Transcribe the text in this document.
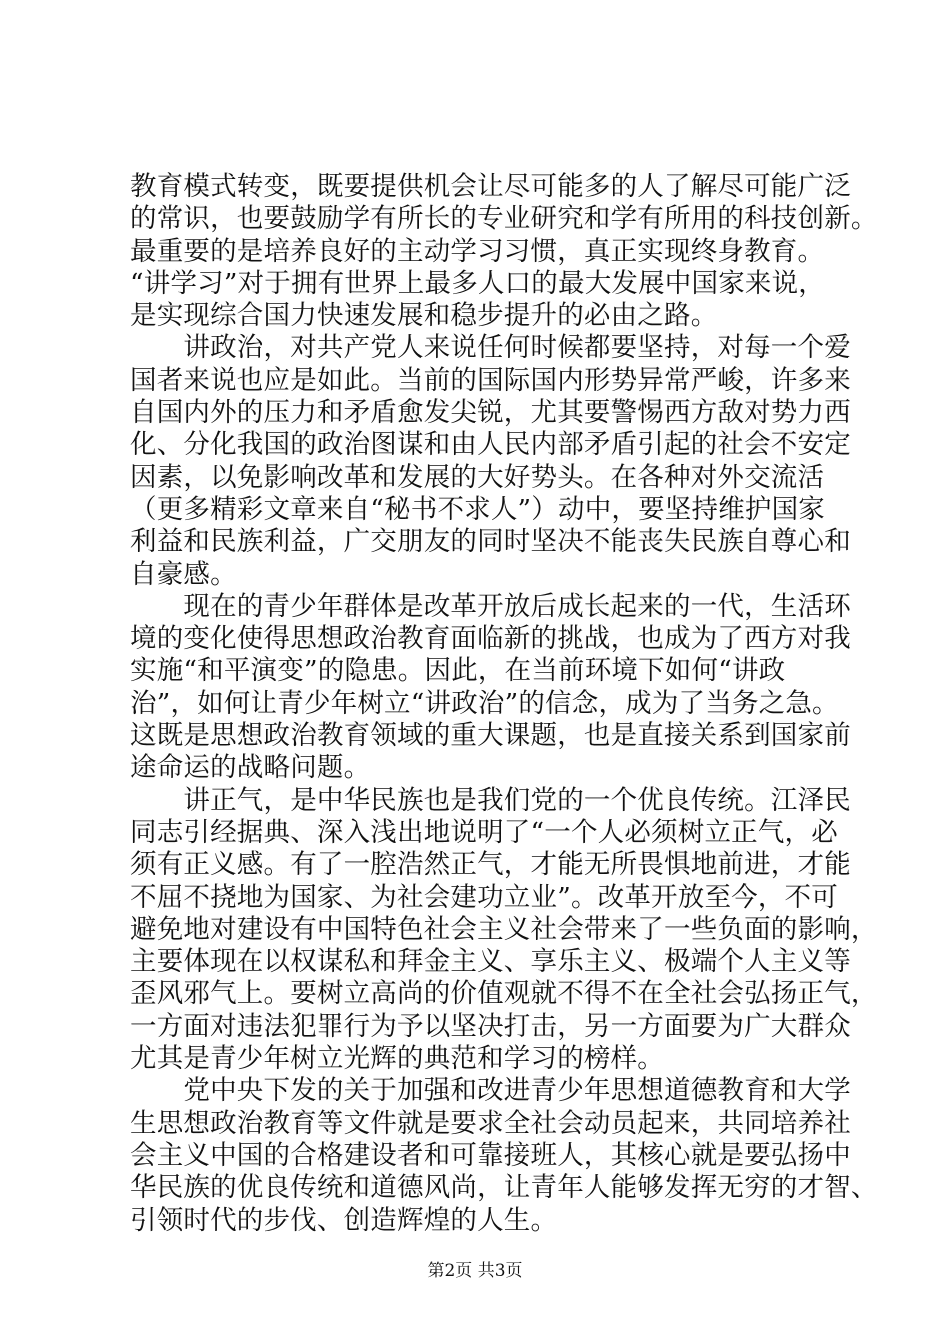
教育模式转变，既要提供机会让尽可能多的人了解尽可能广泛
的常识，也要鼓励学有所长的专业研究和学有所用的科技创新。
最重要的是培养良好的主动学习习惯，真正实现终身教育。
“讲学习”对于拥有世界上最多人口的最大发展中国家来说，
是实现综合国力快速发展和稳步提升的必由之路。
　　讲政治，对共产党人来说任何时候都要坚持，对每一个爱
国者来说也应是如此。当前的国际国内形势异常严峻，许多来
自国内外的压力和矛盾愈发尖锐，尤其要警惕西方敌对势力西
化、分化我国的政治图谋和由人民内部矛盾引起的社会不安定
因素，以免影响改革和发展的大好势头。在各种对外交流活
（更多精彩文章来自“秘书不求人”）动中，要坚持维护国家
利益和民族利益，广交朋友的同时坚决不能丧失民族自尊心和
自豪感。
　　现在的青少年群体是改革开放后成长起来的一代，生活环
境的变化使得思想政治教育面临新的挑战，也成为了西方对我
实施“和平演变”的隐患。因此，在当前环境下如何“讲政
治”，如何让青少年树立“讲政治”的信念，成为了当务之急。
这既是思想政治教育领域的重大课题，也是直接关系到国家前
途命运的战略问题。
　　讲正气，是中华民族也是我们党的一个优良传统。江泽民
同志引经据典、深入浅出地说明了“一个人必须树立正气，必
须有正义感。有了一腔浩然正气，才能无所畏惧地前进，才能
不屈不挠地为国家、为社会建功立业”。改革开放至今，不可
避免地对建设有中国特色社会主义社会带来了一些负面的影响，
主要体现在以权谋私和拜金主义、享乐主义、极端个人主义等
歪风邪气上。要树立高尚的价值观就不得不在全社会弘扬正气，
一方面对违法犯罪行为予以坚决打击，另一方面要为广大群众
尤其是青少年树立光辉的典范和学习的榜样。
　　党中央下发的关于加强和改进青少年思想道德教育和大学
生思想政治教育等文件就是要求全社会动员起来，共同培养社
会主义中国的合格建设者和可靠接班人，其核心就是要弘扬中
华民族的优良传统和道德风尚，让青年人能够发挥无穷的才智、
引领时代的步伐、创造辉煌的人生。
第2页 共3页
